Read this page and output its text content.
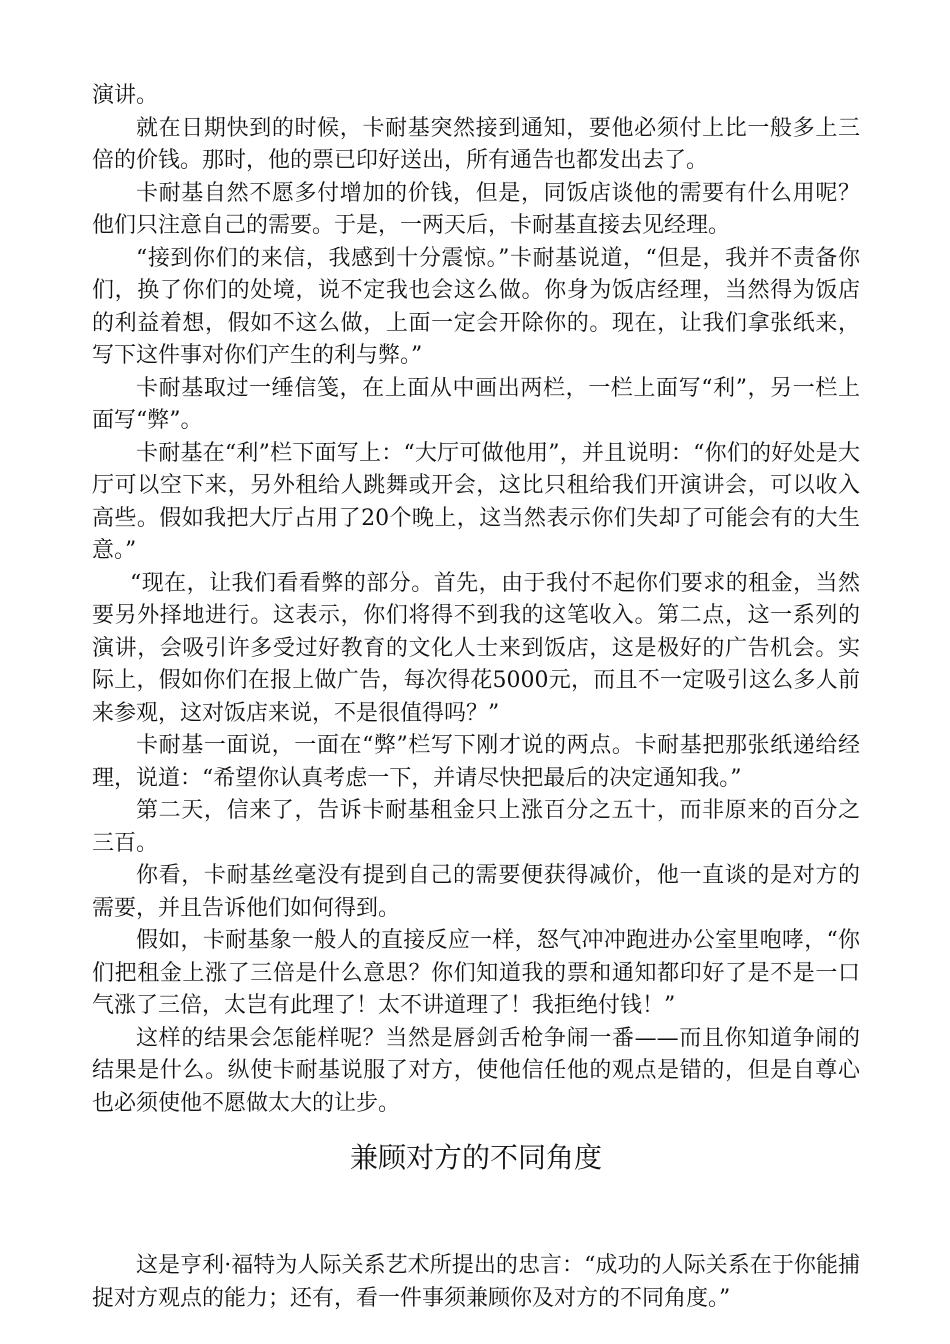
演讲。

就在日期快到的时候，卡耐基突然接到通知，要他必须付上比一般多上三倍的价钱。那时，他的票已印好送出，所有通告也都发出去了。

卡耐基自然不愿多付增加的价钱，但是，同饭店谈他的需要有什么用呢？他们只注意自己的需要。于是，一两天后，卡耐基直接去见经理。

“接到你们的来信，我感到十分震惊。”卡耐基说道，“但是，我并不责备你们，换了你们的处境，说不定我也会这么做。你身为饭店经理，当然得为饭店的利益着想，假如不这么做，上面一定会开除你的。现在，让我们拿张纸来，写下这件事对你们产生的利与弊。”

卡耐基取过一缍信笺，在上面从中画出两栏，一栏上面写“利”，另一栏上面写“弊”。

卡耐基在“利”栏下面写上：“大厅可做他用”，并且说明：“你们的好处是大厅可以空下来，另外租给人跳舞或开会，这比只租给我们开演讲会，可以收入高些。假如我把大厅占用了20个晚上，这当然表示你们失却了可能会有的大生意。”

“现在，让我们看看弊的部分。首先，由于我付不起你们要求的租金，当然要另外择地进行。这表示，你们将得不到我的这笔收入。第二点，这一系列的演讲，会吸引许多受过好教育的文化人士来到饭店，这是极好的广告机会。实际上，假如你们在报上做广告，每次得花5000元，而且不一定吸引这么多人前来参观，这对饭店来说，不是很值得吗？”

卡耐基一面说，一面在“弊”栏写下刚才说的两点。卡耐基把那张纸递给经理，说道：“希望你认真考虑一下，并请尽快把最后的决定通知我。”

第二天，信来了，告诉卡耐基租金只上涨百分之五十，而非原来的百分之三百。

你看，卡耐基丝毫没有提到自己的需要便获得减价，他一直谈的是对方的需要，并且告诉他们如何得到。

假如，卡耐基象一般人的直接反应一样，怒气冲冲跑进办公室里咆哮，“你们把租金上涨了三倍是什么意思？你们知道我的票和通知都印好了是不是一口气涨了三倍，太岂有此理了！太不讲道理了！我拒绝付钱！”

这样的结果会怎能样呢？当然是唇剑舌枪争闹一番——而且你知道争闹的结果是什么。纵使卡耐基说服了对方，使他信任他的观点是错的，但是自尊心也必须使他不愿做太大的让步。

兼顾对方的不同角度

这是亨利·福特为人际关系艺术所提出的忠言：“成功的人际关系在于你能捕捉对方观点的能力；还有，看一件事须兼顾你及对方的不同角度。”
